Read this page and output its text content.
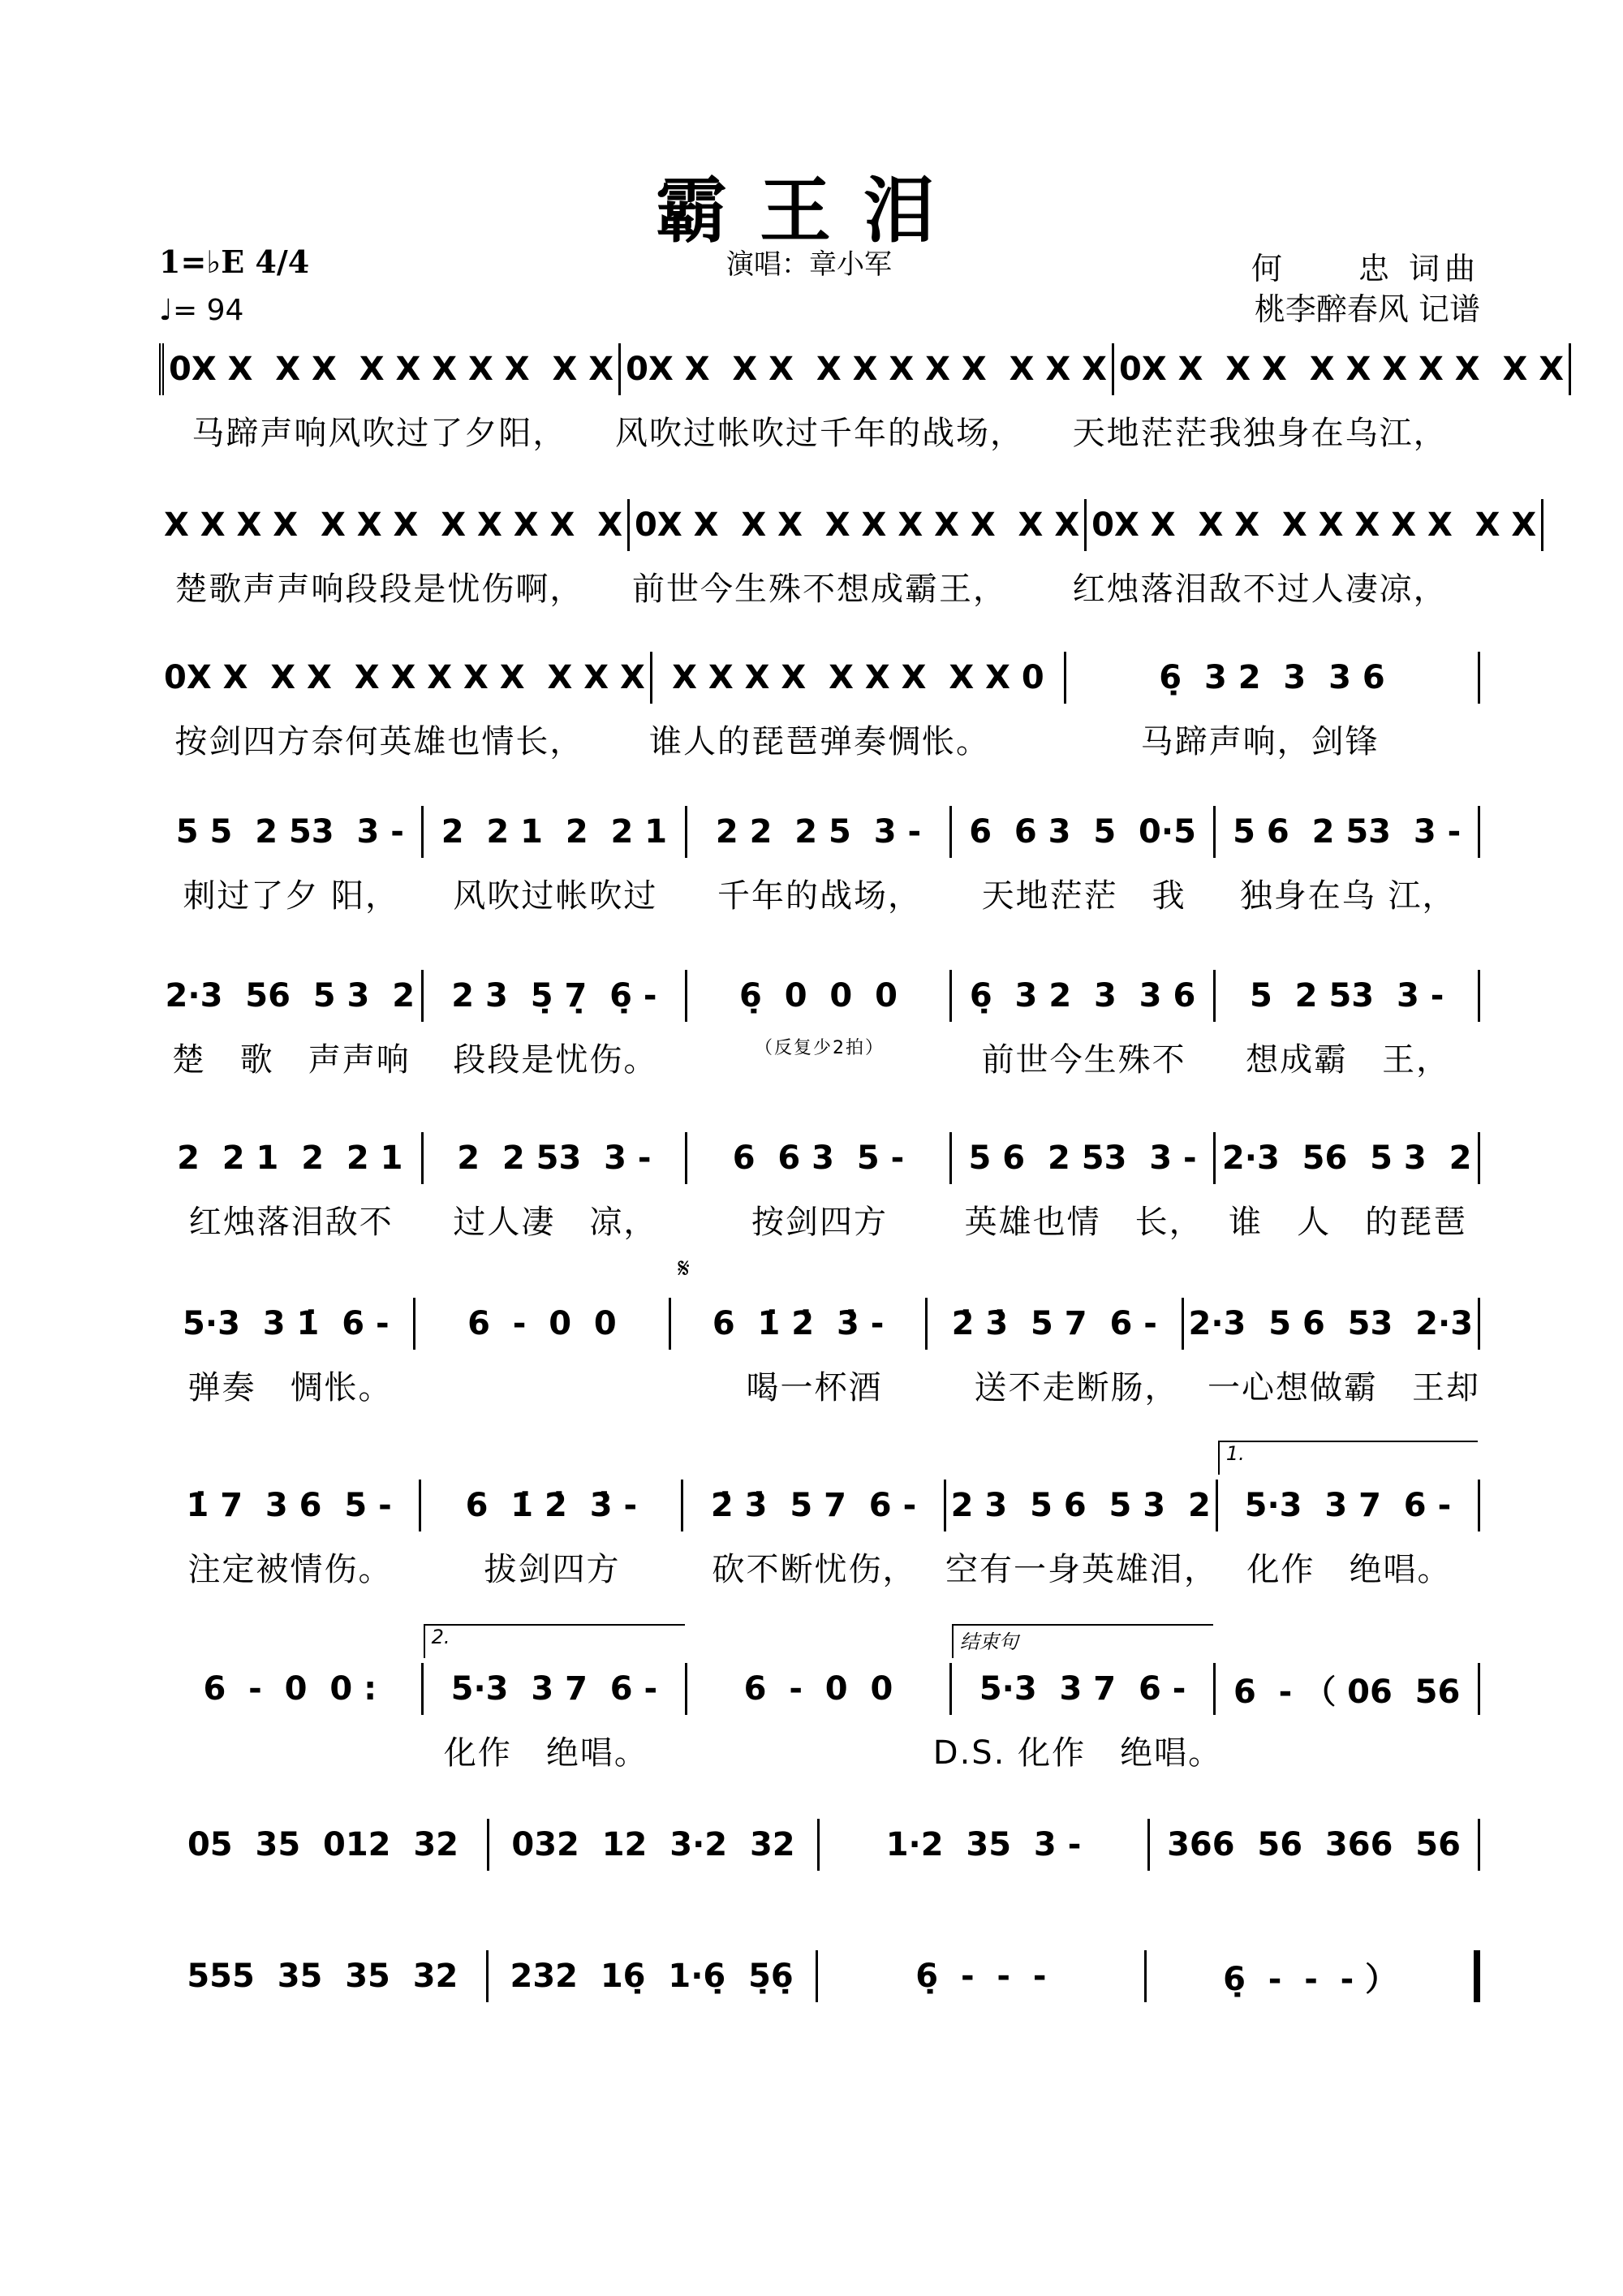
霸王泪
1=♭E 4/4
♩= 94
演唱：章小军	何　　忠 词曲
桃李醉春风 记谱
0X X  X X  X X X X X  X X 0X X  X X  X X X X X  X X X 0X X  X X  X X X X X  X X
马蹄声响风吹过了夕阳，	风吹过帐吹过千年的战场，	天地茫茫我独身在乌江，
X X X X  X X X  X X X X  X 0X X  X X  X X X X X  X X 0X X  X X  X X X X X  X X
楚歌声声响段段是忧伤啊，	前世今生殊不想成霸王，	红烛落泪敌不过人凄凉，
0X X  X X  X X X X X  X X X X X X X  X X X  X X 0	6̣  3 2  3  3 6
按剑四方奈何英雄也情长，	谁人的琵琶弹奏惆怅。	马蹄声响，剑锋
5 5  2 53  3 -	2  2 1  2  2 1	2 2  2 5  3 -	6  6 3  5  0·5	5 6  2 53  3 -
刺过了夕 阳，	风吹过帐吹过	千年的战场，	天地茫茫　我	独身在乌 江，
2·3  56  5 3  2	2 3  5̣ 7̣  6̣ -	6̣  0  0  0	6̣  3 2  3  3 6	5  2 53  3 -
楚　歌　声声响	段段是忧伤。	（反复少2拍）	前世今生殊不	想成霸　王，
2  2 1  2  2 1	2  2 53  3 -	6  6 3  5 -	5 6  2 53  3 - 2·3  56  5 3  2
红烛落泪敌不	过人凄　凉，	按剑四方	英雄也情　长， 谁　人　的琵琶
5·3  3 1̇  6 -	6  -  0  0	6  1̇ 2̇  3̇ -
𝄋
2̇ 3̇  5 7  6 - 2·3  5 6  53  2·3
弹奏　惆怅。	喝一杯酒	送不走断肠， 一心想做霸　王却
1̇ 7  3 6  5 -	6  1̇ 2̇  3̇ -	2̇ 3̇  5 7  6 -	2 3  5 6  5 3  2	5·3  3 7  6 -
1.
注定被情伤。	拔剑四方	砍不断忧伤， 空有一身英雄泪， 化作　绝唱。
6  -  0  0 :	5·3  3 7  6 -
2.
6  -  0  0	5·3  3 7  6 -
结束句
6  - （ 06  56
化作　绝唱。	D.S. 化作　绝唱。
05  35  012  32	032  12  3·2  32	1·2  35  3 -	366  56  366  56
555  35  35  32	232  16̣  1·6̣  5̣6̣	6̣  -  -  -	6̣  -  -  - ）
